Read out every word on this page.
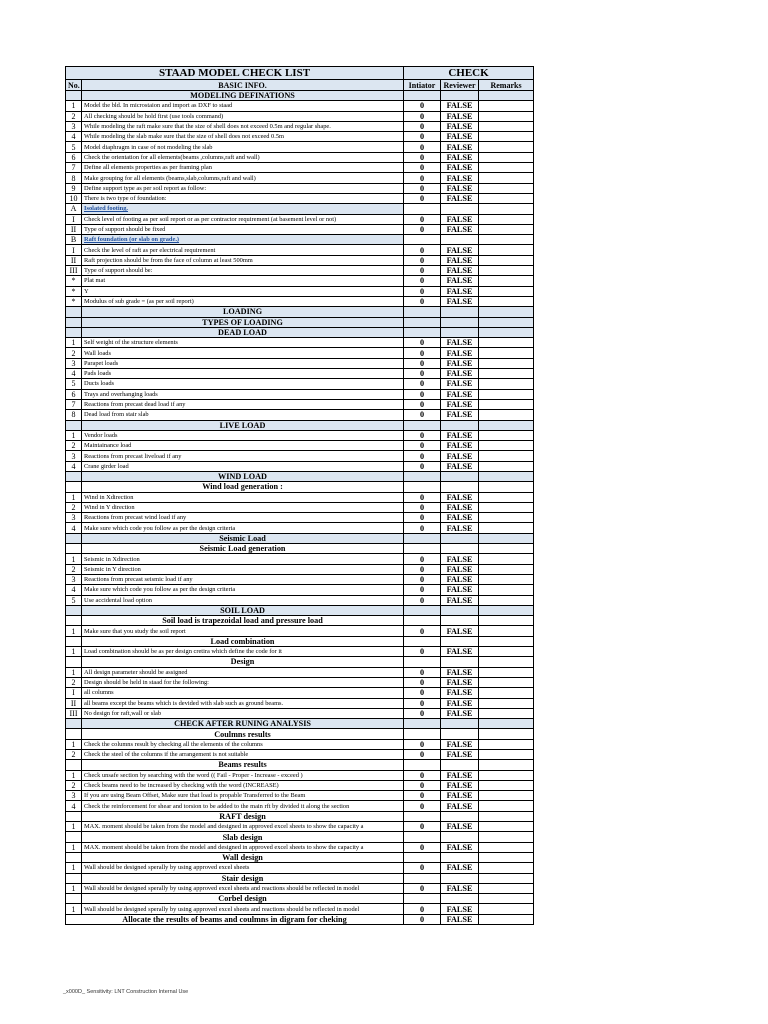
STAAD MODEL CHECK LIST		CHECK		
No.	BASIC INFO.	Intiator	Reviewer	Remarks
	MODELING DEFINATIONS			
1	Model the bld. In microstaion and import as DXF to staad	0	FALSE	
2	All checking should be hold first (use tools command)	0	FALSE	
3	While modeling the raft make sure that the size of shell does not exceed 0.5m and regular shape.	0	FALSE	
4	While modeling the slab make sure that the size of shell does not exceed 0.5m	0	FALSE	
5	Model diaphragm in case of not modeling the slab	0	FALSE	
6	Check the orientation for all elements(beams ,columns,raft and wall)	0	FALSE	
7	Define all elements properties as per framing plan	0	FALSE	
8	Make grouping for all elements (beams,slab,columns,raft and wall)	0	FALSE	
9	Define support type as per soil report as follow:	0	FALSE	
10	There is two type of foundation:	0	FALSE	
A	Isolated footing.			
I	Check level of footing as per soil report or as per contractor requirement (at basement level or not)	0	FALSE	
II	Type of support should be fixed	0	FALSE	
B	Raft foundation (or slab on grade.)			
I	Check the level of raft as per electrical requirement	0	FALSE	
II	Raft projection should be from the face of column at least 500mm	0	FALSE	
III	Type of support should be:	0	FALSE	
*	Plat mat	0	FALSE	
*	Y	0	FALSE	
*	Modulus of sub grade = (as per soil report)	0	FALSE	
	LOADING			
	TYPES OF LOADING			
	DEAD LOAD			
1	Self weight of the structure elements	0	FALSE	
2	Wall loads	0	FALSE	
3	Parapet loads	0	FALSE	
4	Pads loads	0	FALSE	
5	Ducts loads	0	FALSE	
6	Trays and overhanging loads	0	FALSE	
7	Reactions from precast dead load if any	0	FALSE	
8	Dead load from stair slab	0	FALSE	
	LIVE LOAD			
1	Vendor loads	0	FALSE	
2	Maintainance load	0	FALSE	
3	Reactions from precast liveload if any	0	FALSE	
4	Crane girder load	0	FALSE	
	WIND LOAD			
	Wind load generation :			
1	Wind in Xdirection	0	FALSE	
2	Wind in Y direction	0	FALSE	
3	Reactions from precast wind load if any	0	FALSE	
4	Make sure which code you follow as per the design criteria	0	FALSE	
	Seismic Load			
	Seismic Load generation			
1	Seismic in Xdirection	0	FALSE	
2	Seismic in Y direction	0	FALSE	
3	Reactions from precast seismic load if any	0	FALSE	
4	Make sure which code you follow as per the design criteria	0	FALSE	
5	Use accidental load option	0	FALSE	
	SOIL LOAD			
	Soil load is trapezoidal load and pressure load			
1	Make sure that you study the soil report	0	FALSE	
	Load combination			
1	Load combination should be as per design cretira which define the code for it	0	FALSE	
	Design			
1	All design parameter should be assigned	0	FALSE	
2	Design should be held in staad for the following:	0	FALSE	
I	all columns	0	FALSE	
II	all beams except the beams which is devided with slab such as ground beams.	0	FALSE	
III	No design for raft,wall or slab	0	FALSE	
	CHECK AFTER RUNING ANALYSIS			
	Coulmns results			
1	Check the columns result by checking all the elements of the columns	0	FALSE	
2	Check the steel of the columns if the arrangement is not suitable	0	FALSE	
	Beams results			
1	Check unsafe section by searching with the word (( Fail - Proper - Increase - exceed )	0	FALSE	
2	Check beams need to be increased by checking with the word (INCREASE)	0	FALSE	
3	If you are using Beam Offset, Make sure that load is propable Transferred to the Beam	0	FALSE	
4	Check the reinforcement for shear and torsion to be added to the main rft by divided it along the section	0	FALSE	
	RAFT design			
1	MAX. moment should be taken from the model and designed in approved excel sheets to show the capacity a	0	FALSE	
	Slab design			
1	MAX. moment should be taken from the model and designed in approved excel sheets to show the capacity a	0	FALSE	
	Wall design			
1	Wall should be designed sperally by using approved excel sheets	0	FALSE	
	Stair design			
1	Wall should be designed sperally by using approved excel sheets and reactions should be reflected in model	0	FALSE	
	Corbel design			
1	Wall should be designed sperally by using approved excel sheets and reactions should be reflected in model	0	FALSE	
Allocate the results of beams and coulmns in digram for cheking		0	FALSE	
_x000D_ Sensitivity: LNT Construction Internal Use
